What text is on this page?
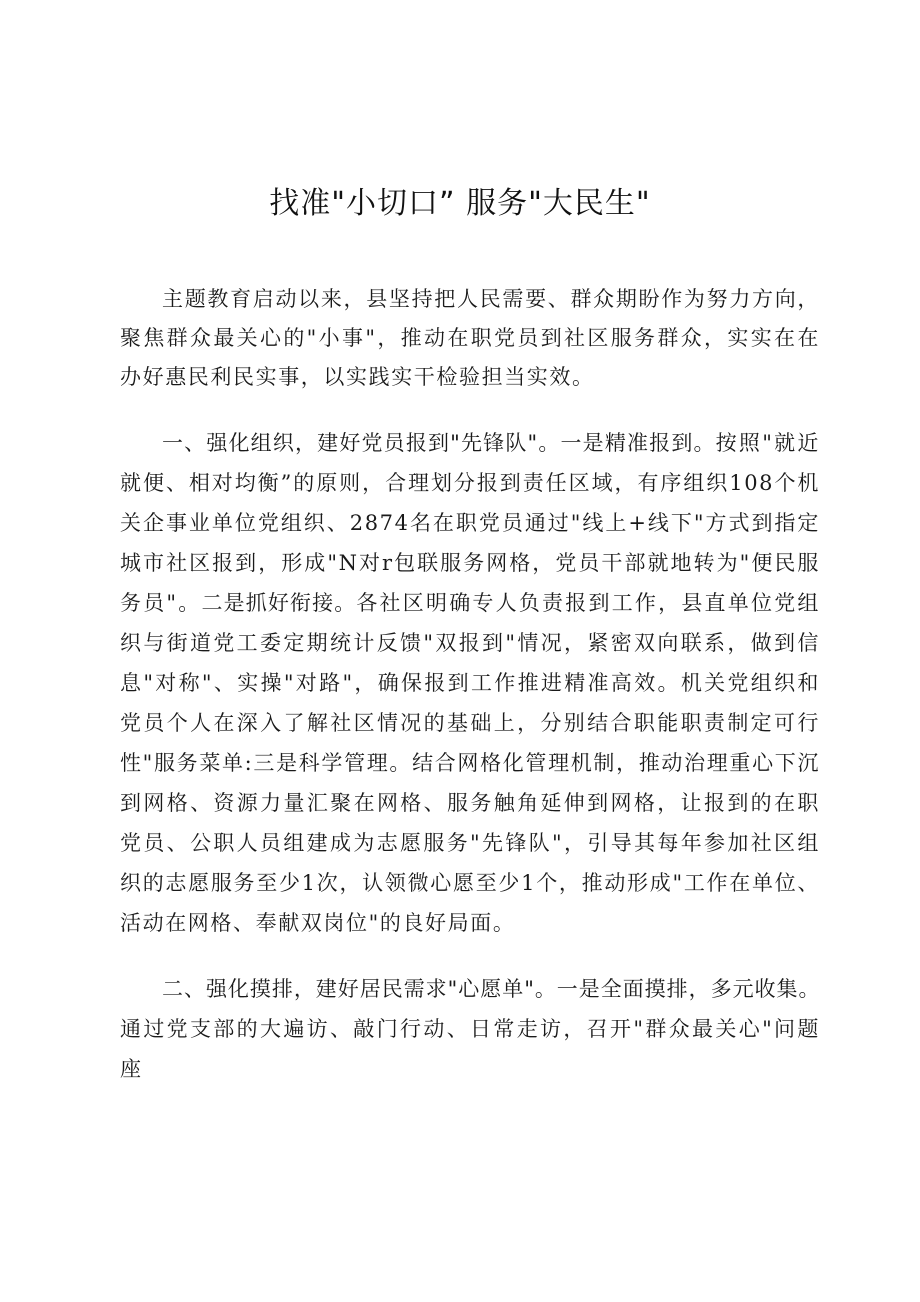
找准"小切口” 服务"大民生"

主题教育启动以来，县坚持把人民需要、群众期盼作为努力方向，聚焦群众最关心的"小事"，推动在职党员到社区服务群众，实实在在办好惠民利民实事，以实践实干检验担当实效。

一、强化组织，建好党员报到"先锋队"。一是精准报到。按照"就近就便、相对均衡”的原则，合理划分报到责任区域，有序组织108个机关企事业单位党组织、2874名在职党员通过"线上+线下"方式到指定城市社区报到，形成"N对r包联服务网格，党员干部就地转为"便民服务员"。二是抓好衔接。各社区明确专人负责报到工作，县直单位党组织与街道党工委定期统计反馈"双报到"情况，紧密双向联系，做到信息"对称"、实操"对路"，确保报到工作推进精准高效。机关党组织和党员个人在深入了解社区情况的基础上，分别结合职能职责制定可行性"服务菜单:三是科学管理。结合网格化管理机制，推动治理重心下沉到网格、资源力量汇聚在网格、服务触角延伸到网格，让报到的在职党员、公职人员组建成为志愿服务"先锋队"，引导其每年参加社区组织的志愿服务至少1次，认领微心愿至少1个，推动形成"工作在单位、活动在网格、奉献双岗位"的良好局面。

二、强化摸排，建好居民需求"心愿单"。一是全面摸排，多元收集。通过党支部的大遍访、敲门行动、日常走访，召开"群众最关心"问题座
